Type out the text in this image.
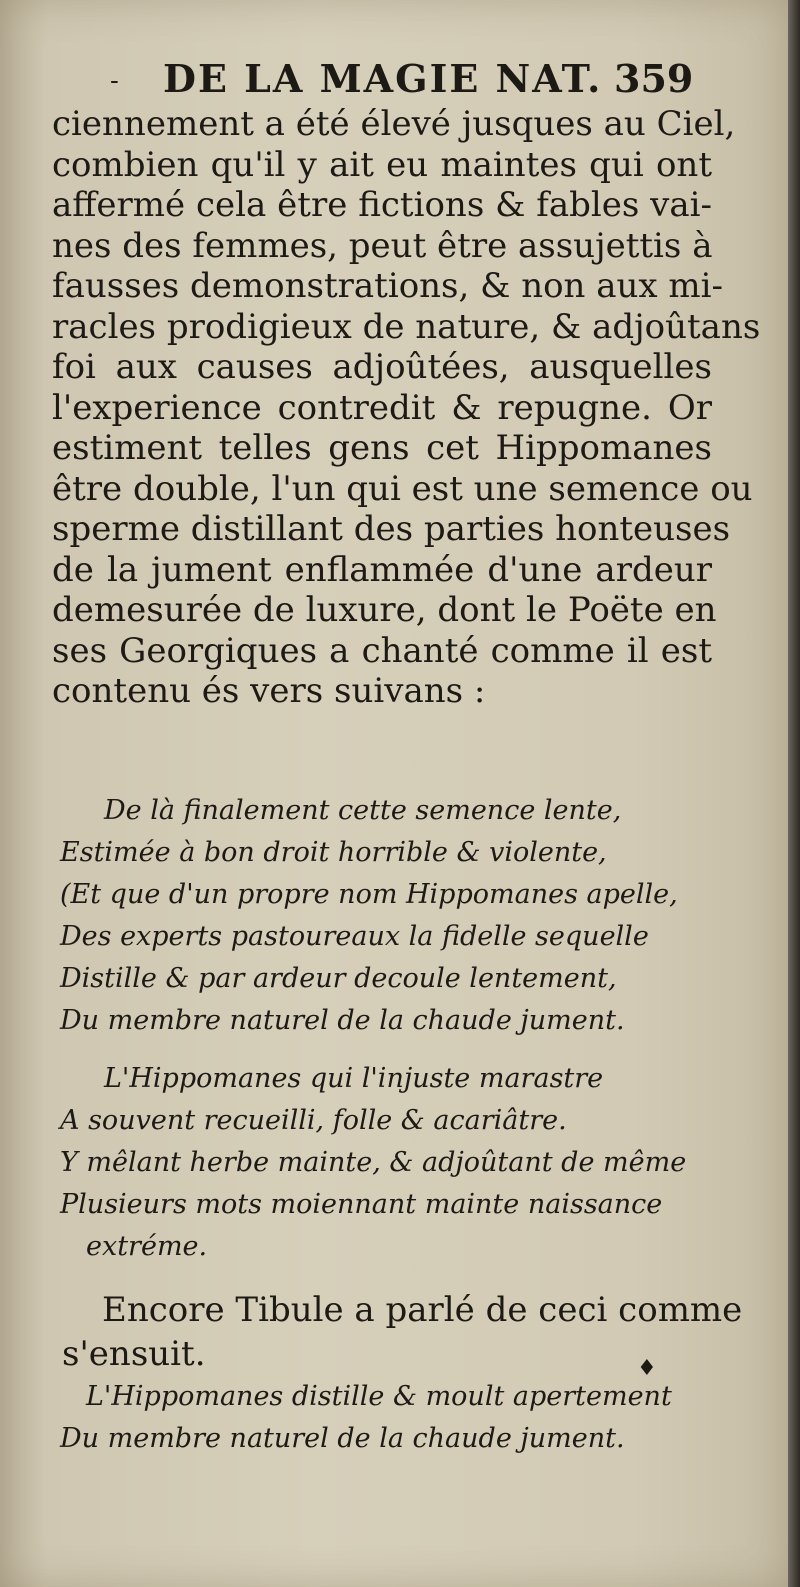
- DE LA MAGIE NAT. 359
ciennement a été élevé jusques au Ciel,
combien qu'il y ait eu maintes qui ont
affermé cela être fictions & fables vai-
nes des femmes, peut être assujettis à
fausses demonstrations, & non aux mi-
racles prodigieux de nature, & adjoûtans
foi aux causes adjoûtées, ausquelles
l'experience contredit & repugne. Or
estiment telles gens cet Hippomanes
être double, l'un qui est une semence ou
sperme distillant des parties honteuses
de la jument enflammée d'une ardeur
demesurée de luxure, dont le Poëte en
ses Georgiques a chanté comme il est
contenu és vers suivans :
De là finalement cette semence lente,
Estimée à bon droit horrible & violente,
(Et que d'un propre nom Hippomanes apelle,
Des experts pastoureaux la fidelle sequelle
Distille & par ardeur decoule lentement,
Du membre naturel de la chaude jument.
L'Hippomanes qui l'injuste marastre
A souvent recueilli, folle & acariâtre.
Y mêlant herbe mainte, & adjoûtant de même
Plusieurs mots moiennant mainte naissance
extréme.
Encore Tibule a parlé de ceci comme
s'ensuit.	♦
L'Hippomanes distille & moult apertement
Du membre naturel de la chaude jument.
